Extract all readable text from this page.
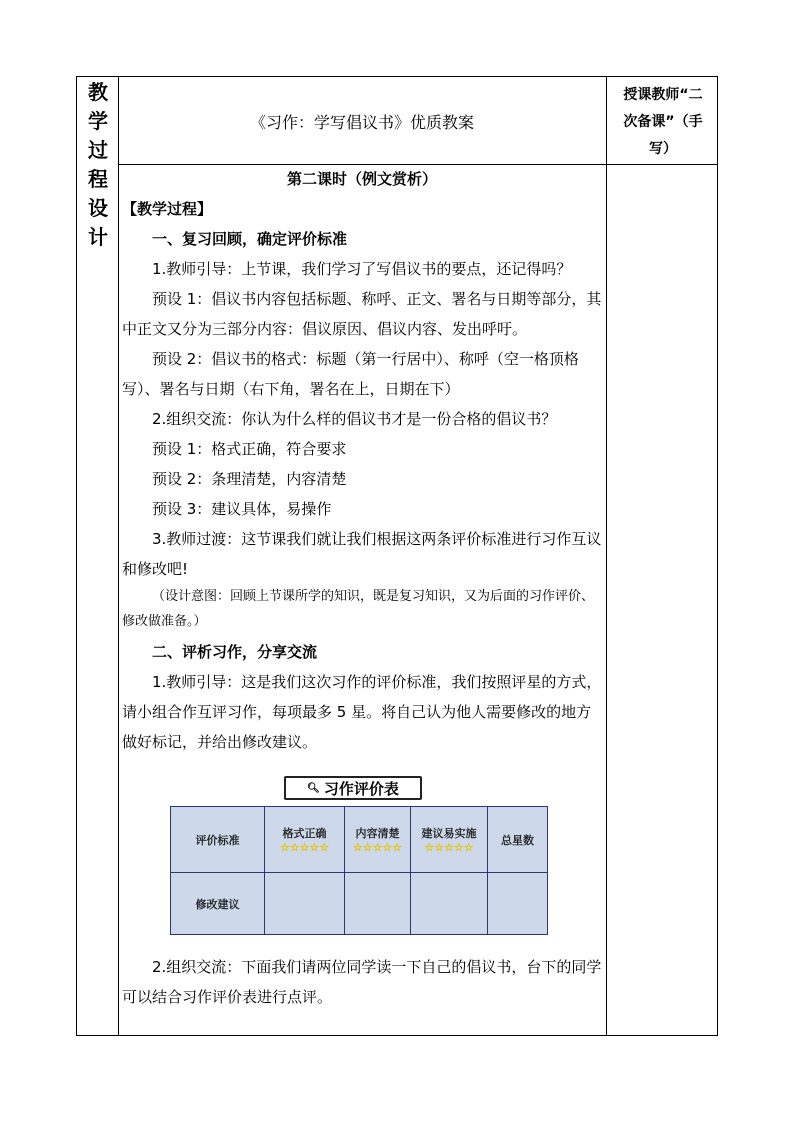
教
学
过
程
设
计
《习作：学写倡议书》优质教案
授课教师“二
次备课”（手
写）

第二课时（例文赏析）

【教学过程】

一、复习回顾，确定评价标准

1.教师引导：上节课，我们学习了写倡议书的要点，还记得吗？

预设 1：倡议书内容包括标题、称呼、正文、署名与日期等部分，其中正文又分为三部分内容：倡议原因、倡议内容、发出呼吁。

预设 2：倡议书的格式：标题（第一行居中）、称呼（空一格顶格写）、署名与日期（右下角，署名在上，日期在下）

2.组织交流：你认为什么样的倡议书才是一份合格的倡议书？

预设 1：格式正确，符合要求

预设 2：条理清楚，内容清楚

预设 3：建议具体，易操作

3.教师过渡：这节课我们就让我们根据这两条评价标准进行习作互议和修改吧!

（设计意图：回顾上节课所学的知识，既是复习知识，又为后面的习作评价、修改做准备。）

二、评析习作，分享交流

1.教师引导：这是我们这次习作的评价标准，我们按照评星的方式，请小组合作互评习作，每项最多 5 星。将自己认为他人需要修改的地方做好标记，并给出修改建议。

🔍︎ 习作评价表
评价标准	格式正确
☆☆☆☆☆
内容清楚
☆☆☆☆☆
建议易实施
☆☆☆☆☆
总星数
修改建议

2.组织交流：下面我们请两位同学读一下自己的倡议书，台下的同学可以结合习作评价表进行点评。
